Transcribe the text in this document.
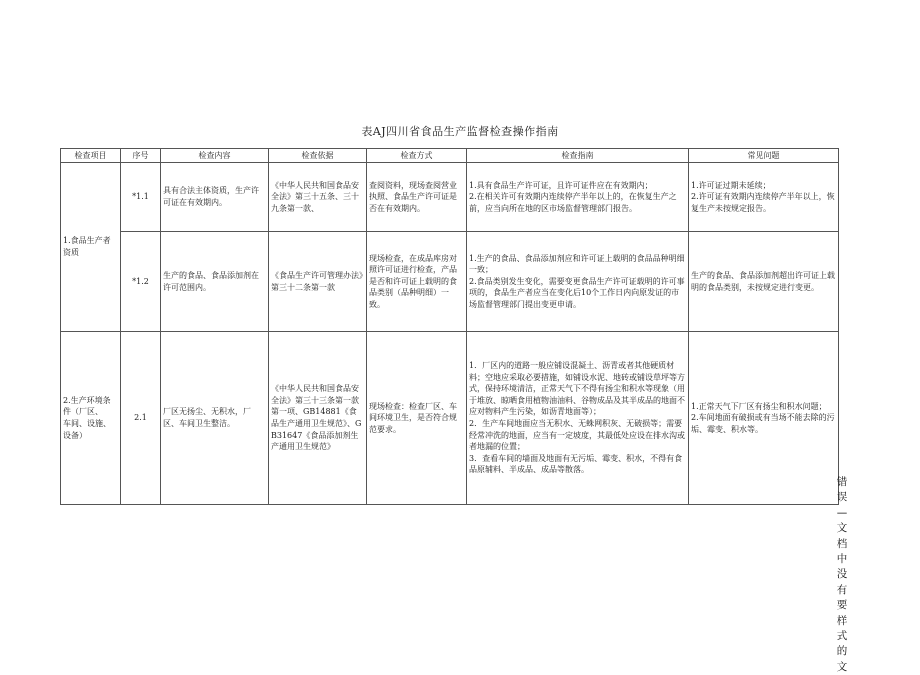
表AJ四川省食品生产监督检查操作指南
检查项目	序号	检查内容	检查依据	检查方式	检查指南	常见问题
1.食品生产者资质	*1.1	具有合法主体资质，生产许可证在有效期内。	《中华人民共和国食品安全法》第三十五条、三十九条第一款、	查阅资料，现场查阅营业执照、食品生产许可证是否在有效期内。	1.具有食品生产许可证，且许可证件应在有效期内；
2.在相关许可有效期内连续停产半年以上的，在恢复生产之前，应当向所在地的区市场监督管理部门报告。	1.许可证过期未延续；
2.许可证有效期内连续停产半年以上，恢复生产未按规定报告。
	*1.2	生产的食品、食品添加剂在许可范围内。	《食品生产许可管理办法》第三十二条第一款	现场检查，在成品库房对照许可证进行检查，产品是否和许可证上载明的食品类别（品种明细）一致。	1.生产的食品、食品添加剂应和许可证上载明的食品品种明细一致；
2.食品类别发生变化，需要变更食品生产许可证载明的许可事项的，食品生产者应当在变化后10个工作日内向原发证的市场监督管理部门提出变更申请。	生产的食品、食品添加剂超出许可证上载明的食品类别，未按规定进行变更。
2.生产环境条件（厂区、
车间、设施、设备）	2.1	厂区无扬尘、无积水，厂区、车间卫生整洁。	《中华人民共和国食品安全法》第三十三条第一款第一项、GB14881《食品生产通用卫生规范》、GB31647《食品添加剂生产通用卫生规范》	现场检查：检查厂区、车间环境卫生，是否符合规范要求。	1．厂区内的道路一般应铺设混凝土、沥青或者其他硬质材料；空地应采取必要措施，如铺设水泥、地砖或铺设草坪等方式，保持环境清洁，正常天气下不得有扬尘和积水等现象（用于堆放、晾晒食用植物油油料、谷物成品及其半成品的地面不应对物料产生污染，如沥青地面等）；
2．生产车间地面应当无积水、无蛛网积灰、无破损等；需要经常冲洗的地面，应当有一定坡度，其最低处应设在排水沟或者地漏的位置；
3．查看车间的墙面及地面有无污垢、霉变、积水，不得有食品原辅料、半成品、成品等散落。	1.正常天气下厂区有扬尘和积水问题；
2.车间地面有破损或有当场不能去除的污垢、霉变、积水等。
错
误
—
文
档
中
没
有
要
样
式
的
文
